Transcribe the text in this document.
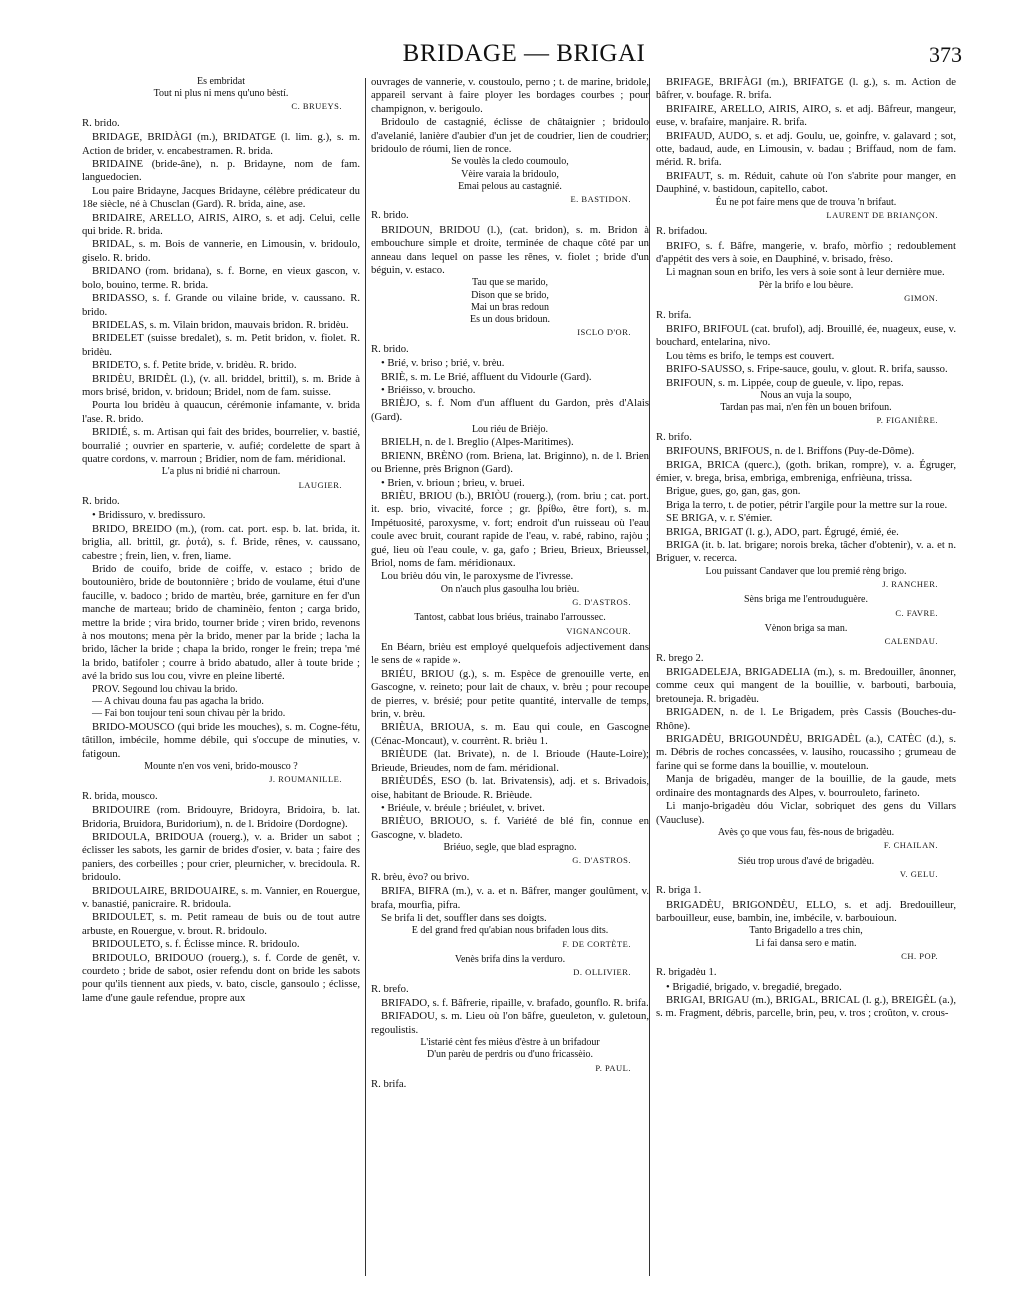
BRIDAGE — BRIGAI	373

Es embridat

Tout ni plus ni mens qu'uno bèstí.

C. BRUEYS.

R. brido.

BRIDAGE, BRIDÀGI (m.), BRIDATGE (l. lim. g.), s. m. Action de brider, v. encabestramen. R. brida.

BRIDAINE (bride-âne), n. p. Bridayne, nom de fam. languedocien.

Lou paire Bridayne, Jacques Bridayne, célèbre prédicateur du 18e siècle, né à Chusclan (Gard). R. brida, aine, ase.

BRIDAIRE, ARELLO, AIRIS, AIRO, s. et adj. Celui, celle qui bride. R. brida.

BRIDAL, s. m. Bois de vannerie, en Limousin, v. bridoulo, giselo. R. brido.

BRIDANO (rom. bridana), s. f. Borne, en vieux gascon, v. bolo, bouino, terme. R. brida.

BRIDASSO, s. f. Grande ou vilaine bride, v. caussano. R. brido.

BRIDELAS, s. m. Vilain bridon, mauvais bridon. R. bridèu.

BRIDELET (suisse bredalet), s. m. Petit bridon, v. fiolet. R. bridèu.

BRIDETO, s. f. Petite bride, v. bridèu. R. brido.

BRIDÈU, BRIDÈL (l.), (v. all. briddel, brittil), s. m. Bride à mors brisé, bridon, v. bridoun; Bridel, nom de fam. suisse.

Pourta lou bridèu à quaucun, cérémonie infamante, v. brida l'ase. R. brido.

BRIDIÉ, s. m. Artisan qui fait des brides, bourrelier, v. bastié, bourralié ; ouvrier en sparterie, v. aufié; cordelette de spart à quatre cordons, v. marroun ; Bridier, nom de fam. méridional.

L'a plus ni bridié ni charroun.

LAUGIER.

R. brido.

• Bridissuro, v. bredissuro.

BRIDO, BREIDO (m.), (rom. cat. port. esp. b. lat. brida, it. briglia, all. brittil, gr. ῥυτά), s. f. Bride, rênes, v. caussano, cabestre ; frein, lien, v. fren, liame.

Brido de couifo, bride de coiffe, v. estaco ; brido de boutounièro, bride de boutonnière ; brido de voulame, étui d'une faucille, v. badoco ; brido de martèu, brée, garniture en fer d'un manche de marteau; brido de chaminèio, fenton ; carga brido, mettre la bride ; vira brido, tourner bride ; viren brido, revenons à nos moutons; mena pèr la brido, mener par la bride ; lacha la brido, lâcher la bride ; chapa la brido, ronger le frein; trepa 'mé la brido, batifoler ; courre à brido abatudo, aller à toute bride ; avé la brido sus lou cou, vivre en pleine liberté.

PROV. Segound lou chivau la brido.

— A chivau douna fau pas agacha la brido.

— Fai bon toujour teni soun chivau pèr la brido.

BRIDO-MOUSCO (qui bride les mouches), s. m. Cogne-fétu, tâtillon, imbécile, homme débile, qui s'occupe de minuties, v. fatigoun.

Mounte n'en vos veni, brido-mousco ?

J. ROUMANILLE.

R. brida, mousco.

BRIDOUIRE (rom. Bridouyre, Bridoyra, Bridoira, b. lat. Bridoria, Bruidora, Buridorium), n. de l. Bridoire (Dordogne).

BRIDOULA, BRIDOUA (rouerg.), v. a. Brider un sabot ; éclisser les sabots, les garnir de brides d'osier, v. bata ; faire des paniers, des corbeilles ; pour crier, pleurnicher, v. brecidoula. R. bridoulo.

BRIDOULAIRE, BRIDOUAIRE, s. m. Vannier, en Rouergue, v. banastié, panicraire. R. bridoula.

BRIDOULET, s. m. Petit rameau de buis ou de tout autre arbuste, en Rouergue, v. brout. R. bridoulo.

BRIDOULETO, s. f. Éclisse mince. R. bridoulo.

BRIDOULO, BRIDOUO (rouerg.), s. f. Corde de genêt, v. courdeto ; bride de sabot, osier refendu dont on bride les sabots pour qu'ils tiennent aux pieds, v. bato, ciscle, gansoulo ; éclisse, lame d'une gaule refendue, propre aux

ouvrages de vannerie, v. coustoulo, perno ; t. de marine, bridole, appareil servant à faire ployer les bordages courbes ; pour champignon, v. berigoulo.

Bridoulo de castagnié, éclisse de châtaignier ; bridoulo d'avelanié, lanière d'aubier d'un jet de coudrier, lien de coudrier; bridoulo de róumi, lien de ronce.

Se voulès la cledo coumoulo,

Vèire varaia la bridoulo,

Emai pelous au castagnié.

E. BASTIDON.

R. brido.

BRIDOUN, BRIDOU (l.), (cat. bridon), s. m. Bridon à embouchure simple et droite, terminée de chaque côté par un anneau dans lequel on passe les rênes, v. fiolet ; bride d'un béguin, v. estaco.

Tau que se marido,

Dison que se brido,

Mai un bras redoun

Es un dous bridoun.

ISCLO D'OR.

R. brido.

• Brié, v. briso ; brié, v. brèu.

BRIÈ, s. m. Le Brié, affluent du Vidourle (Gard).

• Briéisso, v. brouchо.

BRIÈJO, s. f. Nom d'un affluent du Gardon, près d'Alais (Gard).

Lou riéu de Brièjo.

BRIELH, n. de l. Breglio (Alpes-Maritimes).

BRIENN, BRÈNO (rom. Briena, lat. Briginno), n. de l. Brien ou Brienne, près Brignon (Gard).

• Brien, v. brioun ; brieu, v. bruei.

BRIÈU, BRIOU (b.), BRIÒU (rouerg.), (rom. briu ; cat. port. it. esp. brio, vivacité, force ; gr. βρίθω, être fort), s. m. Impétuosité, paroxysme, v. fort; endroit d'un ruisseau où l'eau coule avec bruit, courant rapide de l'eau, v. rabé, rabino, rajòu ; gué, lieu où l'eau coule, v. ga, gafo ; Brieu, Brieux, Brieussel, Briol, noms de fam. méridionaux.

Lou brièu dóu vin, le paroxysme de l'ivresse.

On n'auch plus gasoulha lou brièu.

G. D'ASTROS.

Tantost, cabbat lous briéus, trainabo l'arroussec.

VIGNANCOUR.

En Béarn, brièu est employé quelquefois adjectivement dans le sens de « rapide ».

BRIÉU, BRIOU (g.), s. m. Espèce de grenouille verte, en Gascogne, v. reineto; pour lait de chaux, v. brèu ; pour recoupe de pierres, v. brésié; pour petite quantité, intervalle de temps, brin, v. brèu.

BRIÈUA, BRIOUA, s. m. Eau qui coule, en Gascogne (Cénac-Moncaut), v. courrènt. R. brièu 1.

BRIÈUDE (lat. Brivate), n. de l. Brioude (Haute-Loire); Brieude, Brieudes, nom de fam. méridional.

BRIÈUDÉS, ESO (b. lat. Brivatensis), adj. et s. Brivadois, oise, habitant de Brioude. R. Brièude.

• Briéule, v. bréule ; briéulet, v. brivet.

BRIÈUO, BRIOUO, s. f. Variété de blé fin, connue en Gascogne, v. bladeto.

Briéuo, segle, que blad espragno.

G. D'ASTROS.

R. brèu, èvo? ou brivo.

BRIFA, BIFRA (m.), v. a. et n. Bâfrer, manger goulûment, v. brafa, mourfia, pifra.

Se brifa li det, souffler dans ses doigts.

E del grand fred qu'abian nous brifaden lous dits.

F. DE CORTÈTE.

Venès brifa dins la verduro.

D. OLLIVIER.

R. brefo.

BRIFADO, s. f. Bâfrerie, ripaille, v. brafado, gounflo. R. brifa.

BRIFADOU, s. m. Lieu où l'on bâfre, gueuleton, v. guletoun, regoulistis.

L'istarié cènt fes mièus d'èstre à un brifadour

D'un parèu de perdris ou d'uno fricassèio.

P. PAUL.

R. brifa.

BRIFAGE, BRIFÀGI (m.), BRIFATGE (l. g.), s. m. Action de bâfrer, v. boufage. R. brifa.

BRIFAIRE, ARELLO, AIRIS, AIRO, s. et adj. Bâfreur, mangeur, euse, v. brafaire, manjaire. R. brifa.

BRIFAUD, AUDO, s. et adj. Goulu, ue, goinfre, v. galavard ; sot, otte, badaud, aude, en Limousin, v. badau ; Briffaud, nom de fam. mérid. R. brifa.

BRIFAUT, s. m. Réduit, cahute où l'on s'abrite pour manger, en Dauphiné, v. bastidoun, capitello, cabot.

Éu ne pot faire mens que de trouva 'n brifaut.

LAURENT DE BRIANÇON.

R. brifadou.

BRIFO, s. f. Bâfre, mangerie, v. brafo, mòrfio ; redoublement d'appétit des vers à soie, en Dauphiné, v. brisado, frèso.

Li magnan soun en brifo, les vers à soie sont à leur dernière mue.

Pèr la brifo e lou bèure.

GIMON.

R. brifa.

BRIFO, BRIFOUL (cat. brufol), adj. Brouillé, ée, nuageux, euse, v. bouchard, entelarina, nivo.

Lou tèms es brifo, le temps est couvert.

BRIFO-SAUSSO, s. Fripe-sauce, goulu, v. glout. R. brifa, sausso.

BRIFOUN, s. m. Lippée, coup de gueule, v. lipo, repas.

Nous an vuja la soupo,

Tardan pas mai, n'en fèn un bouen brifoun.

P. FIGANIÈRE.

R. brifo.

BRIFOUNS, BRIFOUS, n. de l. Briffons (Puy-de-Dôme).

BRIGA, BRICA (querc.), (goth. brikan, rompre), v. a. Égruger, émier, v. brega, brisa, embriga, embreniga, enfrièuna, trissa.

Brigue, gues, go, gan, gas, gon.

Briga la terro, t. de potier, pétrir l'argile pour la mettre sur la roue.

SE BRIGA, v. r. S'émier.

BRIGA, BRIGAT (l. g.), ADO, part. Égrugé, émié, ée.

BRIGA (it. b. lat. brigare; norois breka, tâcher d'obtenir), v. a. et n. Briguer, v. recerca.

Lou puissant Candaver que lou premié rèng brigo.

J. RANCHER.

Sèns briga me l'entrouduguère.

C. FAVRE.

Vènon briga sa man.

CALENDAU.

R. brego 2.

BRIGADELEJA, BRIGADELIA (m.), s. m. Bredouiller, ânonner, comme ceux qui mangent de la bouillie, v. barbouti, barbouia, bretounеja. R. brigadèu.

BRIGADEN, n. de l. Le Brigadem, près Cassis (Bouches-du-Rhône).

BRIGADÈU, BRIGOUNDÈU, BRIGADÈL (a.), CATÈC (d.), s. m. Débris de roches concassées, v. lausiho, roucassiho ; grumeau de farine qui se forme dans la bouillie, v. mouteloun.

Manja de brigadèu, manger de la bouillie, de la gaude, mets ordinaire des montagnards des Alpes, v. bourrouleto, farineto.

Li manjo-brigadèu dóu Viclar, sobriquet des gens du Villars (Vaucluse).

Avès ço que vous fau, fès-nous de brigadèu.

F. CHAILAN.

Siéu trop urous d'avé de brigadèu.

V. GELU.

R. briga 1.

BRIGADÈU, BRIGONDÈU, ELLO, s. et adj. Bredouilleur, barbouilleur, euse, bambin, ine, imbécile, v. barbouioun.

Tanto Brigadello a tres chin,

Li fai dansa sero e matin.

CH. POP.

R. brigadèu 1.

• Brigadié, brigado, v. bregadié, bregado.

BRIGAI, BRIGAU (m.), BRIGAL, BRICAL (l. g.), BREIGÈL (a.), s. m. Fragment, débris, parcelle, brin, peu, v. tros ; croûton, v. crous-
